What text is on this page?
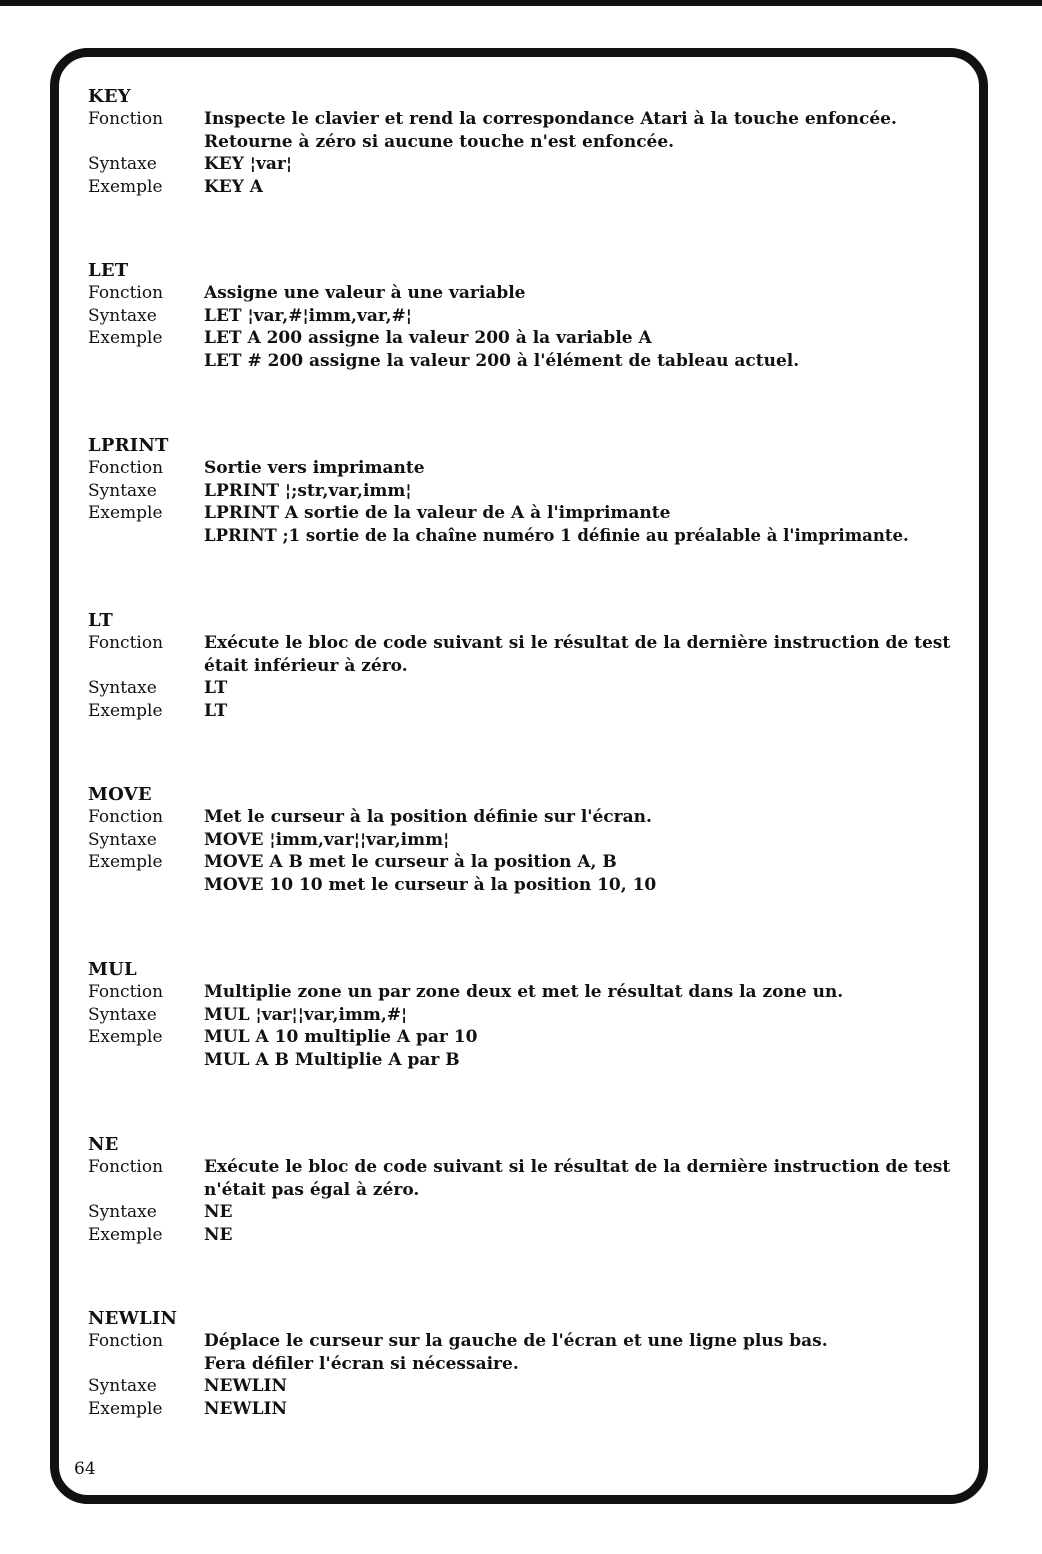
KEY
Fonction	Inspecte le clavier et rend la correspondance Atari à la touche enfoncée.
Retourne à zéro si aucune touche n'est enfoncée.
Syntaxe	KEY ¦var¦
Exemple	KEY A
LET
Fonction	Assigne une valeur à une variable
Syntaxe	LET ¦var,#¦imm,var,#¦
Exemple	LET A 200 assigne la valeur 200 à la variable A
LET # 200 assigne la valeur 200 à l'élément de tableau actuel.
LPRINT
Fonction	Sortie vers imprimante
Syntaxe	LPRINT ¦;str,var,imm¦
Exemple	LPRINT A sortie de la valeur de A à l'imprimante
LPRINT ;1 sortie de la chaîne numéro 1 définie au préalable à l'imprimante.
LT
Fonction	Exécute le bloc de code suivant si le résultat de la dernière instruction de test
était inférieur à zéro.
Syntaxe	LT
Exemple	LT
MOVE
Fonction	Met le curseur à la position définie sur l'écran.
Syntaxe	MOVE ¦imm,var¦¦var,imm¦
Exemple	MOVE A B met le curseur à la position A, B
MOVE 10 10 met le curseur à la position 10, 10
MUL
Fonction	Multiplie zone un par zone deux et met le résultat dans la zone un.
Syntaxe	MUL ¦var¦¦var,imm,#¦
Exemple	MUL A 10 multiplie A par 10
MUL A B Multiplie A par B
NE
Fonction	Exécute le bloc de code suivant si le résultat de la dernière instruction de test
n'était pas égal à zéro.
Syntaxe	NE
Exemple	NE
NEWLIN
Fonction	Déplace le curseur sur la gauche de l'écran et une ligne plus bas.
Fera défiler l'écran si nécessaire.
Syntaxe	NEWLIN
Exemple	NEWLIN
64
